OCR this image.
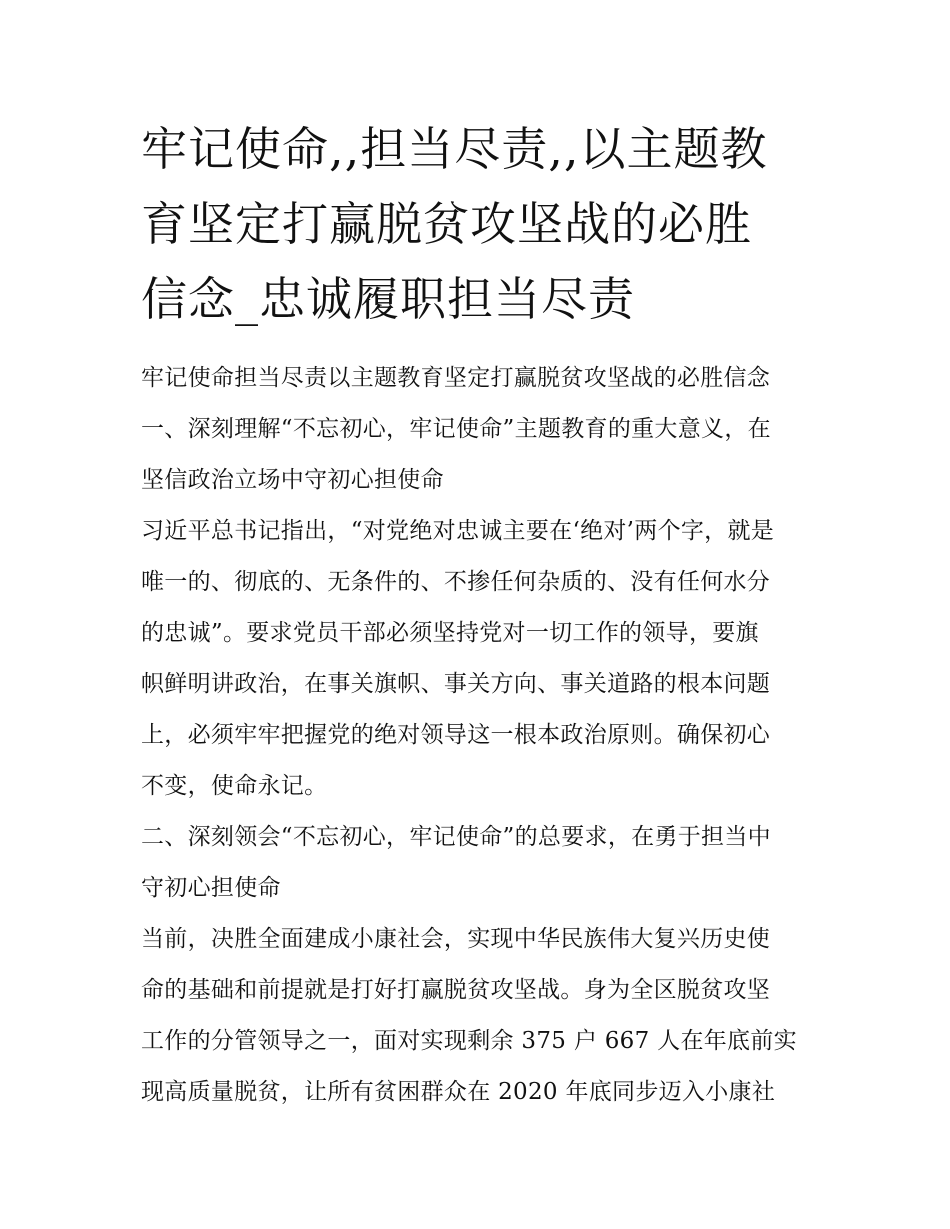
牢记使命,,担当尽责,,以主题教
育坚定打赢脱贫攻坚战的必胜
信念_忠诚履职担当尽责

牢记使命担当尽责以主题教育坚定打赢脱贫攻坚战的必胜信念

一、深刻理解“不忘初心，牢记使命”主题教育的重大意义，在
坚信政治立场中守初心担使命

习近平总书记指出，“对党绝对忠诚主要在‘绝对’两个字，就是
唯一的、彻底的、无条件的、不掺任何杂质的、没有任何水分
的忠诚”。要求党员干部必须坚持党对一切工作的领导，要旗
帜鲜明讲政治，在事关旗帜、事关方向、事关道路的根本问题
上，必须牢牢把握党的绝对领导这一根本政治原则。确保初心
不变，使命永记。

二、深刻领会“不忘初心，牢记使命”的总要求，在勇于担当中
守初心担使命

当前，决胜全面建成小康社会，实现中华民族伟大复兴历史使
命的基础和前提就是打好打赢脱贫攻坚战。身为全区脱贫攻坚
工作的分管领导之一，面对实现剩余 375 户 667 人在年底前实
现高质量脱贫，让所有贫困群众在 2020 年底同步迈入小康社
